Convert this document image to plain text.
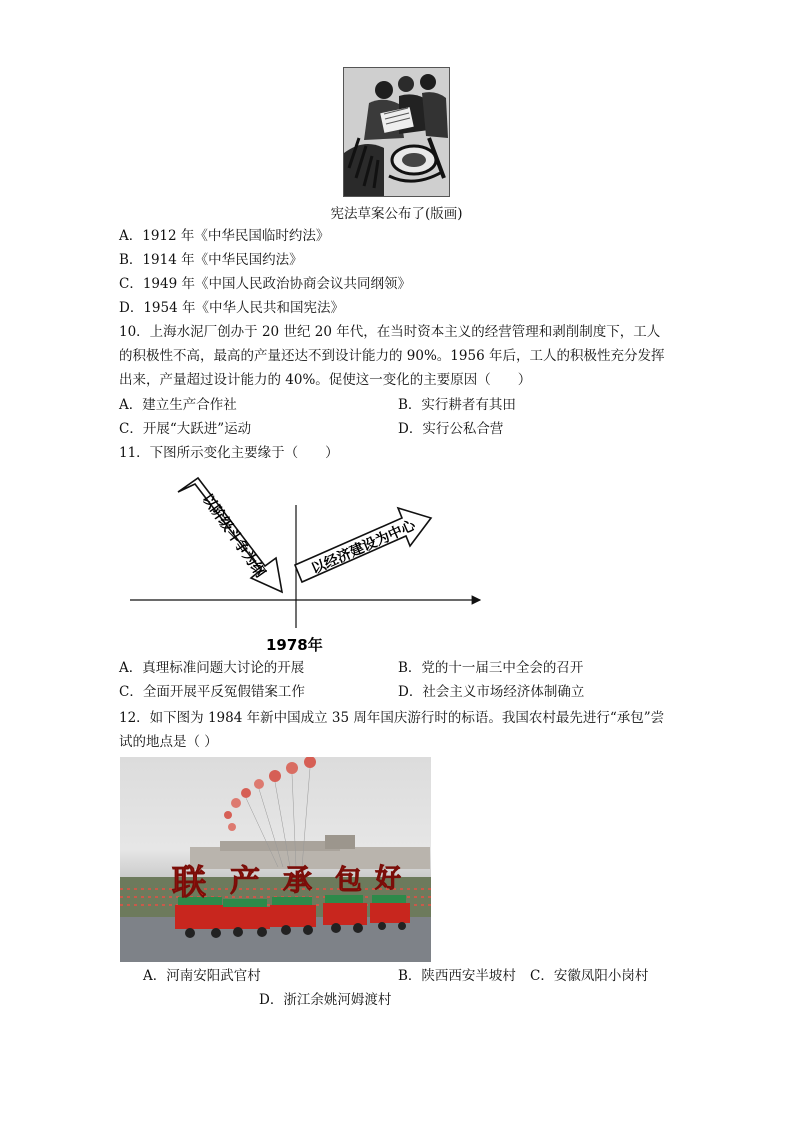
宪法草案公布了(版画)
A．1912 年《中华民国临时约法》
B．1914 年《中华民国约法》
C．1949 年《中国人民政治协商会议共同纲领》
D．1954 年《中华人民共和国宪法》
10．上海水泥厂创办于 20 世纪 20 年代，在当时资本主义的经营管理和剥削制度下，工人
的积极性不高，最高的产量还达不到设计能力的 90%。1956 年后，工人的积极性充分发挥
出来，产量超过设计能力的 40%。促使这一变化的主要原因（　　）
A．建立生产合作社	B．实行耕者有其田
C．开展“大跃进”运动	D．实行公私合营
11．下图所示变化主要缘于（　　）
以阶级斗争为纲	以经济建设为中心
1978年
A．真理标准问题大讨论的开展	B．党的十一届三中全会的召开
C．全面开展平反冤假错案工作	D．社会主义市场经济体制确立
12．如下图为 1984 年新中国成立 35 周年国庆游行时的标语。我国农村最先进行“承包”尝
试的地点是（ ）
联 产 承 包 好
A．河南安阳武官村	B．陕西西安半坡村 C．安徽凤阳小岗村
D．浙江余姚河姆渡村
